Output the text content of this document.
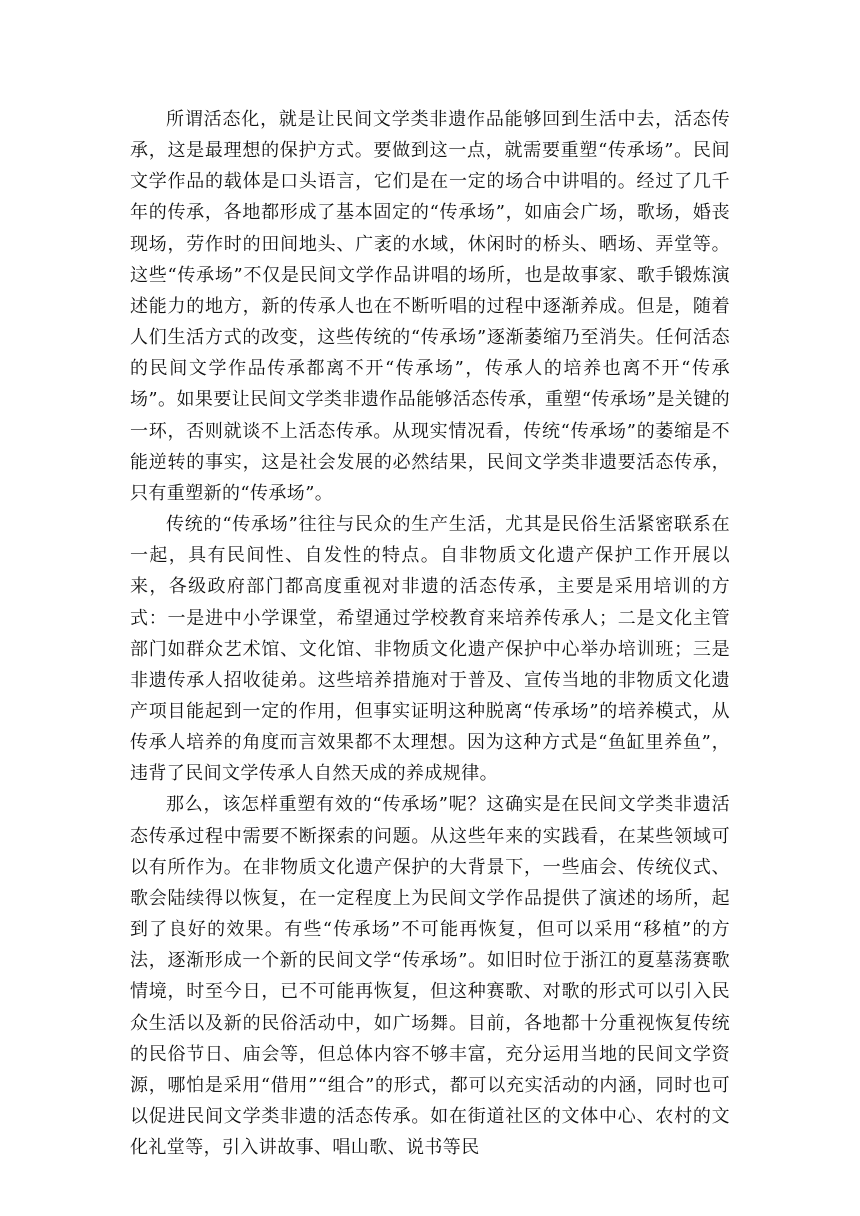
所谓活态化，就是让民间文学类非遗作品能够回到生活中去，活态传承，这是最理想的保护方式。要做到这一点，就需要重塑“传承场”。民间文学作品的载体是口头语言，它们是在一定的场合中讲唱的。经过了几千年的传承，各地都形成了基本固定的“传承场”，如庙会广场，歌场，婚丧现场，劳作时的田间地头、广袤的水域，休闲时的桥头、晒场、弄堂等。这些“传承场”不仅是民间文学作品讲唱的场所，也是故事家、歌手锻炼演述能力的地方，新的传承人也在不断听唱的过程中逐渐养成。但是，随着人们生活方式的改变，这些传统的“传承场”逐渐萎缩乃至消失。任何活态的民间文学作品传承都离不开“传承场”，传承人的培养也离不开“传承场”。如果要让民间文学类非遗作品能够活态传承，重塑“传承场”是关键的一环，否则就谈不上活态传承。从现实情况看，传统“传承场”的萎缩是不能逆转的事实，这是社会发展的必然结果，民间文学类非遗要活态传承，只有重塑新的“传承场”。

传统的“传承场”往往与民众的生产生活，尤其是民俗生活紧密联系在一起，具有民间性、自发性的特点。自非物质文化遗产保护工作开展以来，各级政府部门都高度重视对非遗的活态传承，主要是采用培训的方式：一是进中小学课堂，希望通过学校教育来培养传承人；二是文化主管部门如群众艺术馆、文化馆、非物质文化遗产保护中心举办培训班；三是非遗传承人招收徒弟。这些培养措施对于普及、宣传当地的非物质文化遗产项目能起到一定的作用，但事实证明这种脱离“传承场”的培养模式，从传承人培养的角度而言效果都不太理想。因为这种方式是“鱼缸里养鱼”，违背了民间文学传承人自然天成的养成规律。

那么，该怎样重塑有效的“传承场”呢？这确实是在民间文学类非遗活态传承过程中需要不断探索的问题。从这些年来的实践看，在某些领域可以有所作为。在非物质文化遗产保护的大背景下，一些庙会、传统仪式、歌会陆续得以恢复，在一定程度上为民间文学作品提供了演述的场所，起到了良好的效果。有些“传承场”不可能再恢复，但可以采用“移植”的方法，逐渐形成一个新的民间文学“传承场”。如旧时位于浙江的夏墓荡赛歌情境，时至今日，已不可能再恢复，但这种赛歌、对歌的形式可以引入民众生活以及新的民俗活动中，如广场舞。目前，各地都十分重视恢复传统的民俗节日、庙会等，但总体内容不够丰富，充分运用当地的民间文学资源，哪怕是采用“借用”“组合”的形式，都可以充实活动的内涵，同时也可以促进民间文学类非遗的活态传承。如在街道社区的文体中心、农村的文化礼堂等，引入讲故事、唱山歌、说书等民
